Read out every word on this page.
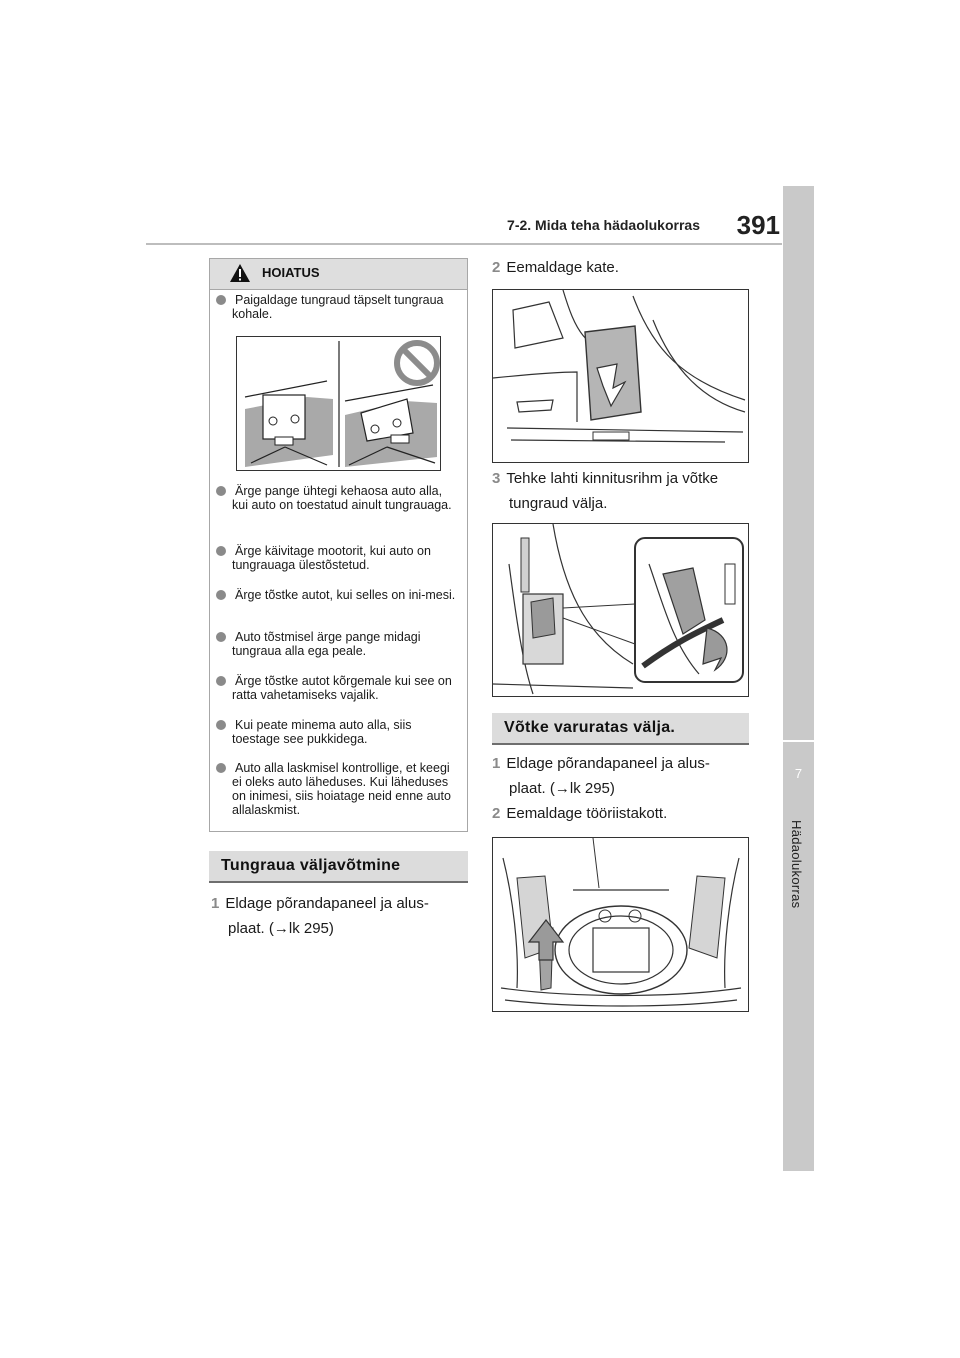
7-2. Mida teha hädaolukorras	391
7
Hädaolukorras
HOIATUS
Paigaldage tungraud täpselt tungraua kohale.
Ärge pange ühtegi kehaosa auto alla, kui auto on toestatud ainult tungrauaga.
Ärge käivitage mootorit, kui auto on tungrauaga ülestõstetud.
Ärge tõstke autot, kui selles on ini-mesi.
Auto tõstmisel ärge pange midagi tungraua alla ega peale.
Ärge tõstke autot kõrgemale kui see on ratta vahetamiseks vajalik.
Kui peate minema auto alla, siis toestage see pukkidega.
Auto alla laskmisel kontrollige, et keegi ei oleks auto läheduses. Kui läheduses on inimesi, siis hoiatage neid enne auto allalaskmist.
Tungraua väljavõtmine
1 Eldage põrandapaneel ja alus-
plaat. (→lk 295)
2 Eemaldage kate.
3 Tehke lahti kinnitusrihm ja võtke
tungraud välja.
Võtke varuratas välja.
1 Eldage põrandapaneel ja alus-
plaat. (→lk 295)
2 Eemaldage tööriistakott.
